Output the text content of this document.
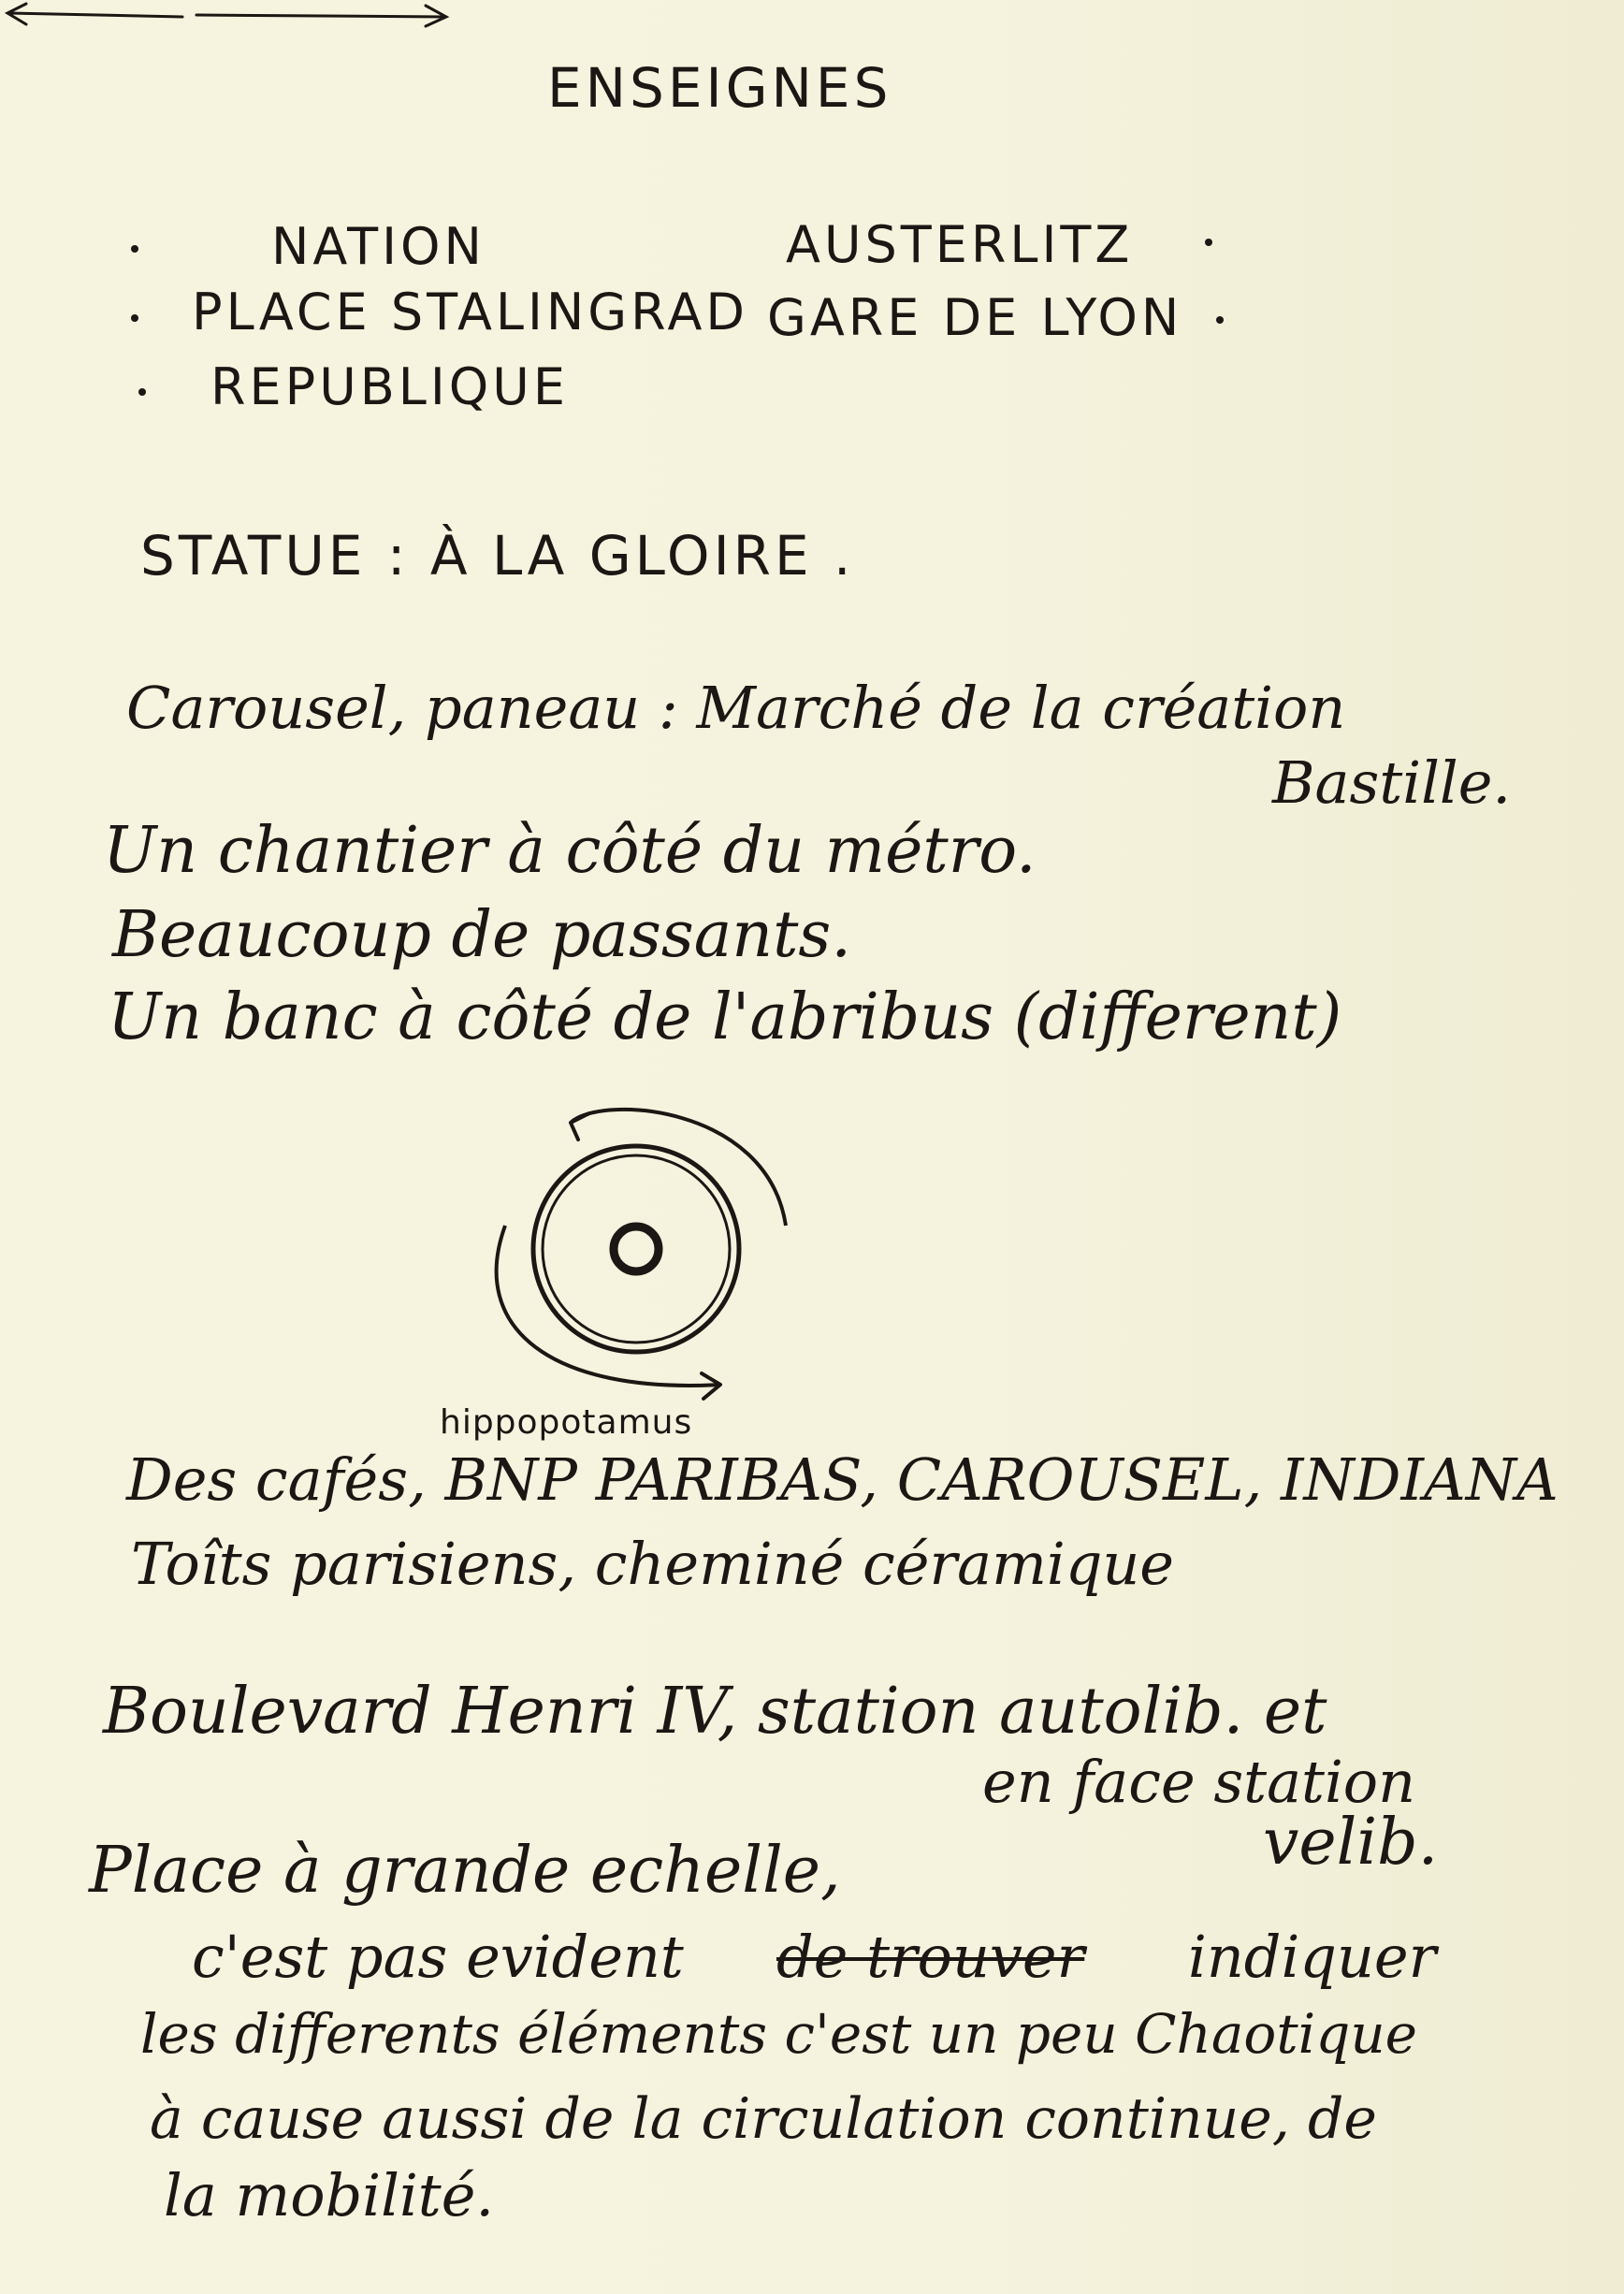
ENSEIGNES

NATION
PLACE STALINGRAD
REPUBLIQUE
AUSTERLITZ
GARE DE LYON
STATUE : À LA GLOIRE .
Carousel, paneau : Marché de la création
Bastille.
Un chantier à côté du métro.
Beaucoup de passants.
Un banc à côté de l'abribus (different)
hippopotamus
Des cafés, BNP PARIBAS, CAROUSEL, INDIANA
Toîts parisiens, cheminé céramique
Boulevard Henri IV, station autolib. et
en face station
velib.
Place à grande echelle,
c'est pas evident de trouver indiquer
les differents éléments c'est un peu Chaotique
à cause aussi de la circulation continue, de
la mobilité.
